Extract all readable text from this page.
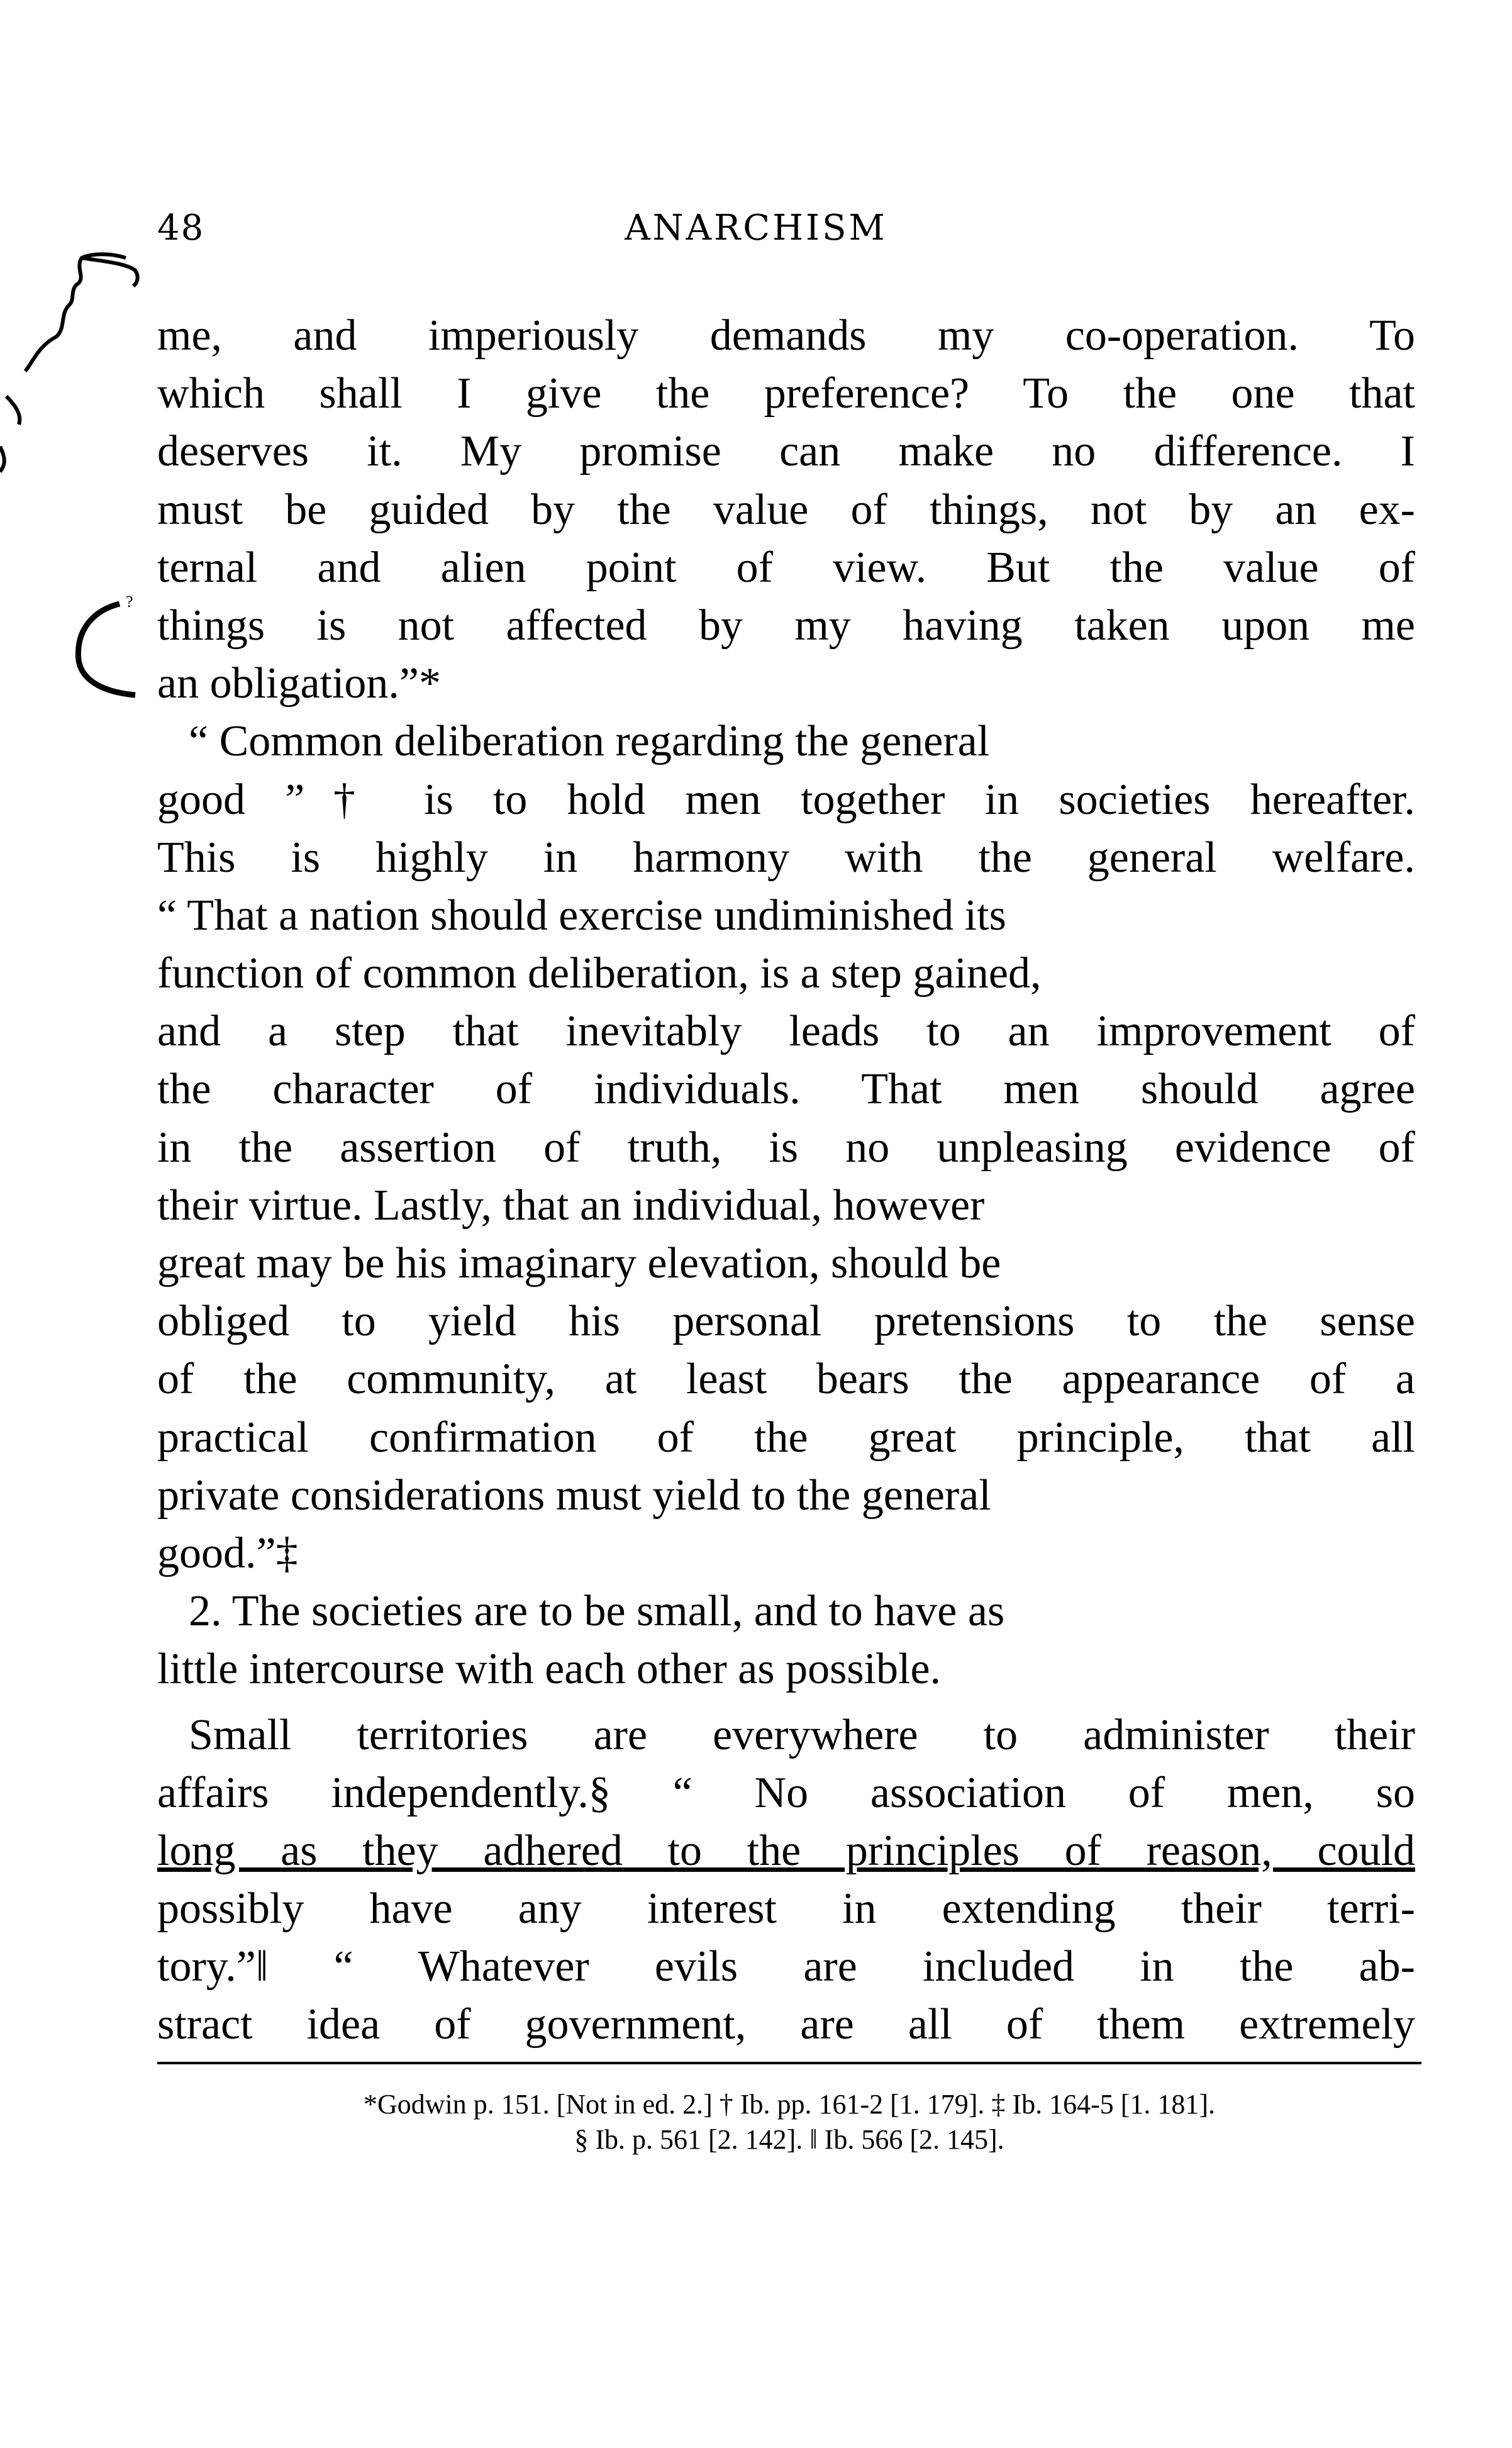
48	ANARCHISM
?
me, and imperiously demands my co-operation. To
which shall I give the preference? To the one that
deserves it. My promise can make no difference. I
must be guided by the value of things, not by an ex-
ternal and alien point of view. But the value of
things is not affected by my having taken upon me
an obligation.”*
“ Common deliberation regarding the general
good ”† is to hold men together in societies hereafter.
This is highly in harmony with the general welfare.
“ That a nation should exercise undiminished its
function of common deliberation, is a step gained,
and a step that inevitably leads to an improvement of
the character of individuals. That men should agree
in the assertion of truth, is no unpleasing evidence of
their virtue. Lastly, that an individual, however
great may be his imaginary elevation, should be
obliged to yield his personal pretensions to the sense
of the community, at least bears the appearance of a
practical confirmation of the great principle, that all
private considerations must yield to the general
good.”‡
2. The societies are to be small, and to have as
little intercourse with each other as possible.
Small territories are everywhere to administer their
affairs independently.§ “ No association of men, so
long as they adhered to the principles of reason, could
possibly have any interest in extending their terri-
tory.”‖ “ Whatever evils are included in the ab-
stract idea of government, are all of them extremely
*Godwin p. 151. [Not in ed. 2.] † Ib. pp. 161-2 [1. 179]. ‡ Ib. 164-5 [1. 181].
§ Ib. p. 561 [2. 142]. ‖ Ib. 566 [2. 145].
